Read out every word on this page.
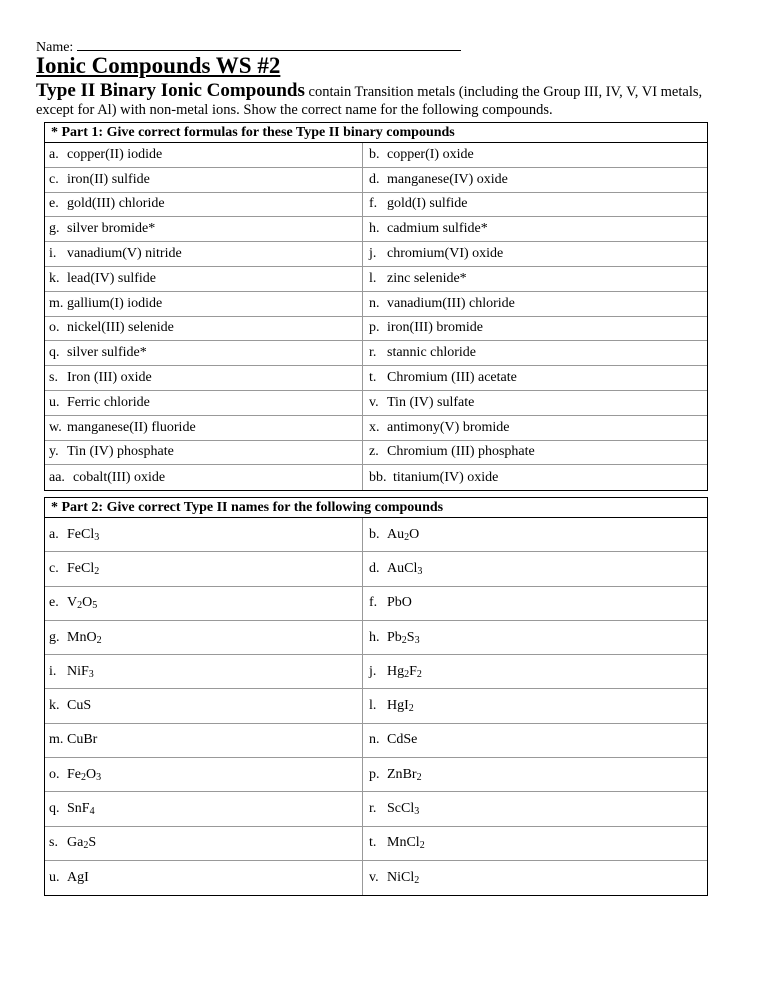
Name:
Ionic Compounds WS #2
Type II Binary Ionic Compounds contain Transition metals (including the Group III, IV, V, VI metals, except for Al) with non-metal ions. Show the correct name for the following compounds.
* Part 1: Give correct formulas for these Type II binary compounds
a. copper(II) iodide	b. copper(I) oxide
c. iron(II) sulfide	d. manganese(IV) oxide
e. gold(III) chloride	f. gold(I) sulfide
g. silver bromide*	h. cadmium sulfide*
i. vanadium(V) nitride	j. chromium(VI) oxide
k. lead(IV) sulfide	l. zinc selenide*
m. gallium(I) iodide	n. vanadium(III) chloride
o. nickel(III) selenide	p. iron(III) bromide
q. silver sulfide*	r. stannic chloride
s. Iron (III) oxide	t. Chromium (III) acetate
u. Ferric chloride	v. Tin (IV) sulfate
w. manganese(II) fluoride	x. antimony(V) bromide
y. Tin (IV) phosphate	z. Chromium (III) phosphate
aa. cobalt(III) oxide	bb. titanium(IV) oxide
* Part 2: Give correct Type II names for the following compounds
a. FeCl$_3$	b. $Au_2O$
c. FeCl$_2$	d. AuCl$_3$
e. $V_2O_5$	f. PbO
g. MnO$_2$	h. $Pb_2S_3$
i. NiF$_3$	j. $Hg_2F_2$
k. CuS	l. HgI$_2$
m. CuBr	n. CdSe
o. $Fe_2O_3$	p. ZnBr$_2$
q. SnF$_4$	r. ScCl$_3$
s. $Ga_2S$	t. MnCl$_2$
u. AgI	v. NiCl$_2$
